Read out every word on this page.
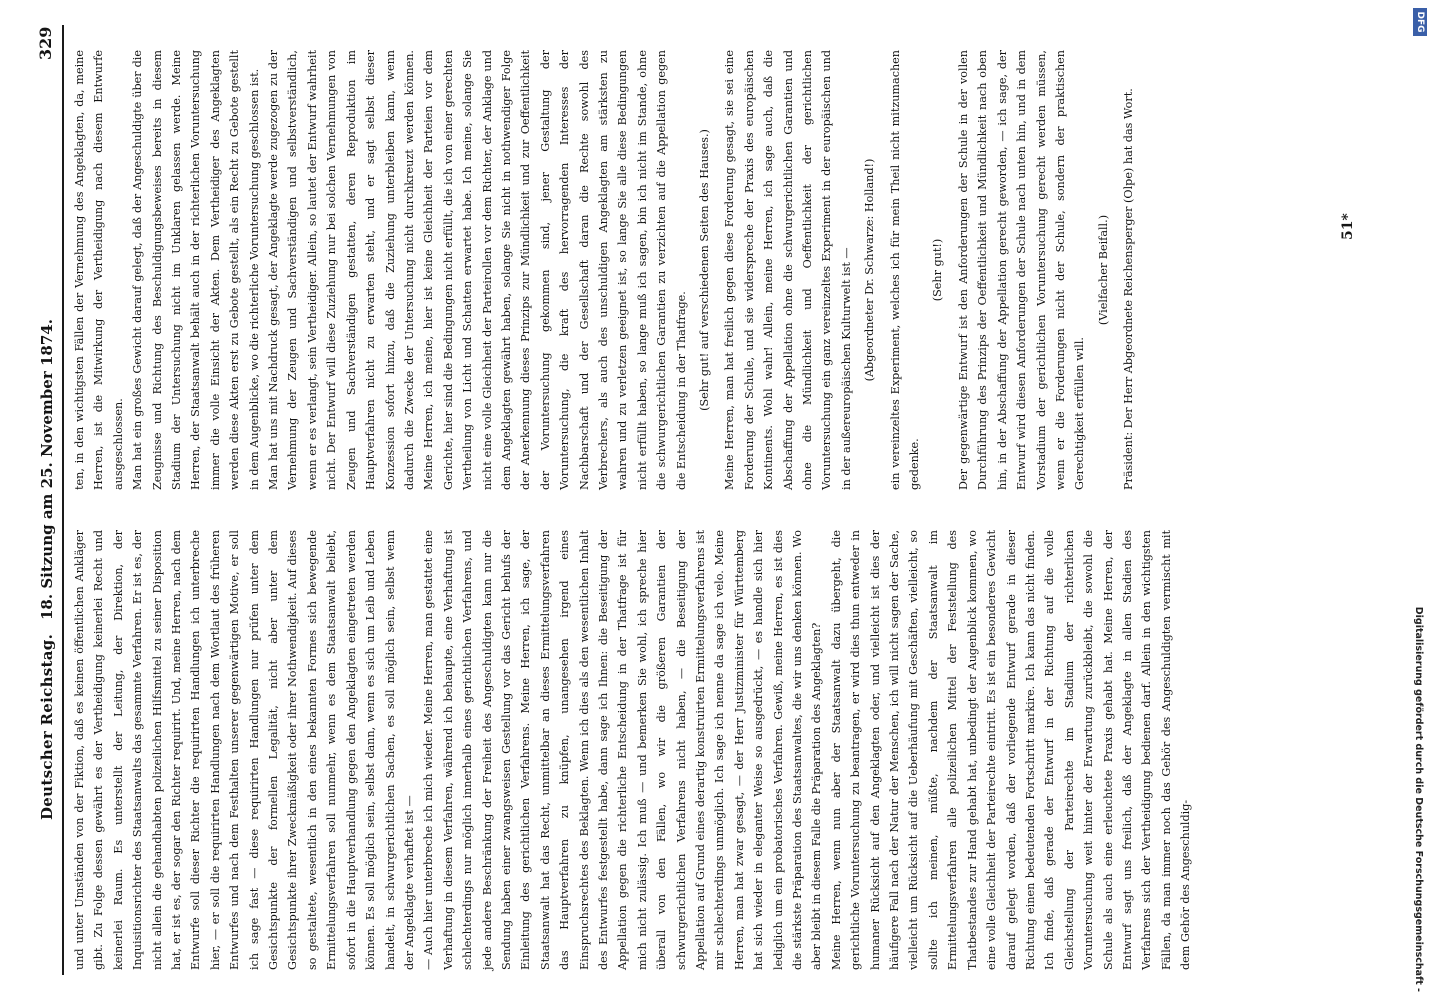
Deutscher Reichstag.
18. Sitzung am 25. November 1874.
329

und unter Umständen von der Fiktion, daß es keinen öffentlichen Ankläger gibt. Zu Folge dessen gewährt es der Vertheidigung keinerlei Recht und keinerlei Raum. Es unterstellt der Leitung, der Direktion, der Inquisitionsrichter des Staatsanwalts das gesammte Verfahren. Er ist es, der nicht allein die gehandhabten polizeilichen Hilfsmittel zu seiner Disposition hat, er ist es, der sogar den Richter requirirt. Und, meine Herren, nach dem Entwurfe soll dieser Richter die requirirten Handlungen ich unterbreche hier, — er soll die requirirten Handlungen nach dem Wortlaut des früheren Entwurfes und nach dem Festhalten unserer gegenwärtigen Motive, er soll ich sage fast — diese requirirten Handlungen nur prüfen unter dem Gesichtspunkte der formellen Legalität, nicht aber unter dem Gesichtspunkte ihrer Zweckmäßigkeit oder ihrer Nothwendigkeit. Auf dieses so gestaltete, wesentlich in den eines bekannten Formes sich bewegende Ermittelungsverfahren soll nunmehr, wenn es dem Staatsanwalt beliebt, sofort in die Hauptverhandlung gegen den Angeklagten eingetreten werden können. Es soll möglich sein, selbst dann, wenn es sich um Leib und Leben handelt, in schwurgerichtlichen Sachen, es soll möglich sein, selbst wenn der Angeklagte verhaftet ist — — Auch hier unterbreche ich mich wieder. Meine Herren, man gestattet eine Verhaftung in diesem Verfahren, während ich behaupte, eine Verhaftung ist schlechterdings nur möglich innerhalb eines gerichtlichen Verfahrens, und jede andere Beschränkung der Freiheit des Angeschuldigten kann nur die Sendung haben einer zwangsweisen Gestellung vor das Gericht behufs der Einleitung des gerichtlichen Verfahrens. Meine Herren, ich sage, der Staatsanwalt hat das Recht, unmittelbar an dieses Ermittelungsverfahren das Hauptverfahren zu knüpfen, unangesehen irgend eines Einspruchsrechtes des Beklagten. Wenn ich dies als den wesentlichen Inhalt des Entwurfes festgestellt habe, dann sage ich Ihnen: die Beseitigung der Appellation gegen die richterliche Entscheidung in der Thatfrage ist für mich nicht zulässig. Ich muß — und bemerken Sie wohl, ich spreche hier überall von den Fällen, wo wir die größeren Garantien der schwurgerichtlichen Verfahrens nicht haben, — die Beseitigung der Appellation auf Grund eines derartig konstruirten Ermittelungsverfahrens ist mir schlechterdings unmöglich. Ich sage ich nenne da sage ich velo. Meine Herren, man hat zwar gesagt, — der Herr Justizminister für Württemberg hat sich wieder in eleganter Weise so ausgedrückt, — es handle sich hier lediglich um ein probatorisches Verfahren. Gewiß, meine Herren, es ist dies die stärkste Präparation des Staatsanwaltes, die wir uns denken können. Wo aber bleibt in diesem Falle die Präparation des Angeklagten? Meine Herren, wenn nun aber der Staatsanwalt dazu übergeht, die gerichtliche Voruntersuchung zu beantragen, er wird dies thun entweder in humaner Rücksicht auf den Angeklagten oder, und vielleicht ist dies der häufigere Fall nach der Natur der Menschen, ich will nicht sagen der Sache, vielleicht um Rücksicht auf die Ueberhäufung mit Geschäften, vielleicht, so sollte ich meinen, müßte, nachdem der Staatsanwalt im Ermittelungsverfahren alle polizeilichen Mittel der Feststellung des Thatbestandes zur Hand gehabt hat, unbedingt der Augenblick kommen, wo eine volle Gleichheit der Parteirechte eintritt. Es ist ein besonderes Gewicht darauf gelegt worden, daß der vorliegende Entwurf gerade in dieser Richtung einen bedeutenden Fortschritt markire. Ich kann das nicht finden. Ich finde, daß gerade der Entwurf in der Richtung auf die volle Gleichstellung der Parteirechte im Stadium der richterlichen Voruntersuchung weit hinter der Erwartung zurückbleibt, die sowohl die Schule als auch eine erleuchtete Praxis gehabt hat. Meine Herren, der Entwurf sagt uns freilich, daß der Angeklagte in allen Stadien des Verfahrens sich der Vertheidigung bedienen darf. Allein in den wichtigsten Fällen, da man immer noch das Gehör des Angeschuldigten vermischt mit dem Gehör des Angeschuldig-

ten, in den wichtigsten Fällen der Vernehmung des Angeklagten, da, meine Herren, ist die Mitwirkung der Vertheidigung nach diesem Entwurfe ausgeschlossen. Man hat ein großes Gewicht darauf gelegt, daß der Angeschuldigte über die Zeugnisse und Richtung des Beschuldigungsbeweises bereits in diesem Stadium der Untersuchung nicht im Unklaren gelassen werde. Meine Herren, der Staatsanwalt behält auch in der richterlichen Voruntersuchung immer die volle Einsicht der Akten. Dem Vertheidiger des Angeklagten werden diese Akten erst zu Gebote gestellt, als ein Recht zu Gebote gestellt in dem Augenblicke, wo die richterliche Voruntersuchung geschlossen ist. Man hat uns mit Nachdruck gesagt, der Angeklagte werde zugezogen zu der Vernehmung der Zeugen und Sachverständigen und selbstverständlich, wenn er es verlangt, sein Vertheidiger. Allein, so lautet der Entwurf wahrheit nicht. Der Entwurf will diese Zuziehung nur bei solchen Vernehmungen von Zeugen und Sachverständigen gestatten, deren Reproduktion im Hauptverfahren nicht zu erwarten steht, und er sagt selbst dieser Konzession sofort hinzu, daß die Zuziehung unterbleiben kann, wenn dadurch die Zwecke der Untersuchung nicht durchkreuzt werden können. Meine Herren, ich meine, hier ist keine Gleichheit der Parteien vor dem Gerichte, hier sind die Bedingungen nicht erfüllt, die ich von einer gerechten Vertheilung von Licht und Schatten erwartet habe. Ich meine, solange Sie nicht eine volle Gleichheit der Parteirollen vor dem Richter, der Anklage und dem Angeklagten gewährt haben, solange Sie nicht in nothwendiger Folge der Anerkennung dieses Prinzips zur Mündlichkeit und zur Oeffentlichkeit der Voruntersuchung gekommen sind, jener Gestaltung der Voruntersuchung, die kraft des hervorragenden Interesses der Nachbarschaft und der Gesellschaft daran die Rechte sowohl des Verbrechers, als auch des unschuldigen Angeklagten am stärksten zu wahren und zu verletzen geeignet ist, so lange Sie alle diese Bedingungen nicht erfüllt haben, so lange muß ich sagen, bin ich nicht im Stande, ohne die schwurgerichtlichen Garantien zu verzichten auf die Appellation gegen die Entscheidung in der Thatfrage. (Sehr gut! auf verschiedenen Seiten des Hauses.)	Meine Herren, man hat freilich gegen diese Forderung gesagt, sie sei eine Forderung der Schule, und sie widerspreche der Praxis des europäischen Kontinents. Wohl wahr! Allein, meine Herren, ich sage auch, daß die Abschaffung der Appellation ohne die schwurgerichtlichen Garantien und ohne die Mündlichkeit und Oeffentlichkeit der gerichtlichen Voruntersuchung ein ganz vereinzeltes Experiment in der europäischen und in der außereuropäischen Kulturwelt ist — (Abgeordneter Dr. Schwarze: Holland!)	ein vereinzeltes Experiment, welches ich für mein Theil nicht mitzumachen gedenke.

(Sehr gut!)	Der gegenwärtige Entwurf ist den Anforderungen der Schule in der vollen Durchführung des Prinzips der Oeffentlichkeit und Mündlichkeit nach oben hin, in der Abschaffung der Appellation gerecht geworden, — ich sage, der Entwurf wird diesen Anforderungen der Schule nach unten hin, und in dem Vorstadium der gerichtlichen Voruntersuchung gerecht werden müssen, wenn er die Forderungen nicht der Schule, sondern der praktischen Gerechtigkeit erfüllen will.

(Vielfacher Beifall.)	Präsident: Der Herr Abgeordnete Reichensperger (Olpe) hat das Wort.	51*
Digitalisierung gefördert durch die Deutsche Forschungsgemeinschaft -
DFG
